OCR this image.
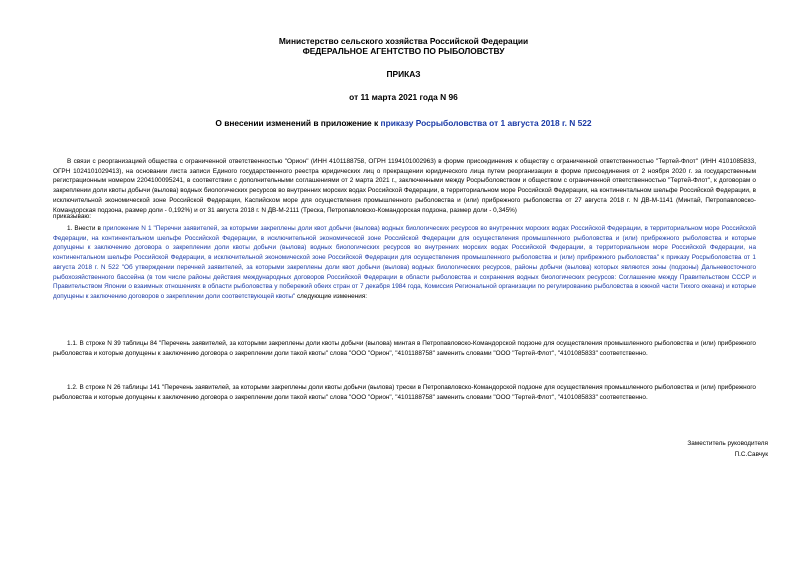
Министерство сельского хозяйства Российской Федерации
ФЕДЕРАЛЬНОЕ АГЕНТСТВО ПО РЫБОЛОВСТВУ
ПРИКАЗ
от 11 марта 2021 года N 96
О внесении изменений в приложение к приказу Росрыболовства от 1 августа 2018 г. N 522
В связи с реорганизацией общества с ограниченной ответственностью "Орион" (ИНН 4101188758, ОГРН 1194101002963) в форме присоединения к обществу с ограниченной ответственностью "Тертей-Флот" (ИНН 4101085833, ОГРН 1024101029413), на основании листа записи Единого государственного реестра юридических лиц о прекращении юридического лица путем реорганизации в форме присоединения от 2 ноября 2020 г. за государственным регистрационным номером 2204100095241, в соответствии с дополнительными соглашениями от 2 марта 2021 г., заключенными между Росрыболовством и обществом с ограниченной ответственностью "Тертей-Флот", к договорам о закреплении доли квоты добычи (вылова) водных биологических ресурсов во внутренних морских водах Российской Федерации, в территориальном море Российской Федерации, на континентальном шельфе Российской Федерации, в исключительной экономической зоне Российской Федерации, Каспийском море для осуществления промышленного рыболовства и (или) прибрежного рыболовства от 27 августа 2018 г. N ДВ-М-1141 (Минтай, Петропавловско-Командорская подзона, размер доли - 0,192%) и от 31 августа 2018 г. N ДВ-М-2111 (Треска, Петропавловско-Командорская подзона, размер доли - 0,345%)
приказываю:
1. Внести в приложение N 1 "Перечни заявителей, за которыми закреплены доли квот добычи (вылова) водных биологических ресурсов во внутренних морских водах Российской Федерации, в территориальном море Российской Федерации, на континентальном шельфе Российской Федерации, в исключительной экономической зоне Российской Федерации для осуществления промышленного рыболовства и (или) прибрежного рыболовства и которые допущены к заключению договора о закреплении доли квоты добычи (вылова) водных биологических ресурсов во внутренних морских водах Российской Федерации, в территориальном море Российской Федерации, на континентальном шельфе Российской Федерации, в исключительной экономической зоне Российской Федерации для осуществления промышленного рыболовства и (или) прибрежного рыболовства" к приказу Росрыболовства от 1 августа 2018 г. N 522 "Об утверждении перечней заявителей, за которыми закреплены доли квот добычи (вылова) водных биологических ресурсов, районы добычи (вылова) которых являются зоны (подзоны) Дальневосточного рыбохозяйственного бассейна (в том числе районы действия международных договоров Российской Федерации в области рыболовства и сохранения водных биологических ресурсов: Соглашение между Правительством СССР и Правительством Японии о взаимных отношениях в области рыболовства у побережий обеих стран от 7 декабря 1984 года, Комиссия Региональной организации по регулированию рыболовства в южной части Тихого океана) и которые допущены к заключению договоров о закреплении доли соответствующей квоты" следующие изменения:
1.1. В строке N 39 таблицы 84 "Перечень заявителей, за которыми закреплены доли квоты добычи (вылова) минтая в Петропавловско-Командорской подзоне для осуществления промышленного рыболовства и (или) прибрежного рыболовства и которые допущены к заключению договора о закреплении доли такой квоты" слова "ООО "Орион", "4101188758" заменить словами "ООО "Тертей-Флот", "4101085833" соответственно.
1.2. В строке N 26 таблицы 141 "Перечень заявителей, за которыми закреплены доли квоты добычи (вылова) трески в Петропавловско-Командорской подзоне для осуществления промышленного рыболовства и (или) прибрежного рыболовства и которые допущены к заключению договора о закреплении доли такой квоты" слова "ООО "Орион", "4101188758" заменить словами "ООО "Тертей-Флот", "4101085833" соответственно.
Заместитель руководителя
П.С.Савчук
